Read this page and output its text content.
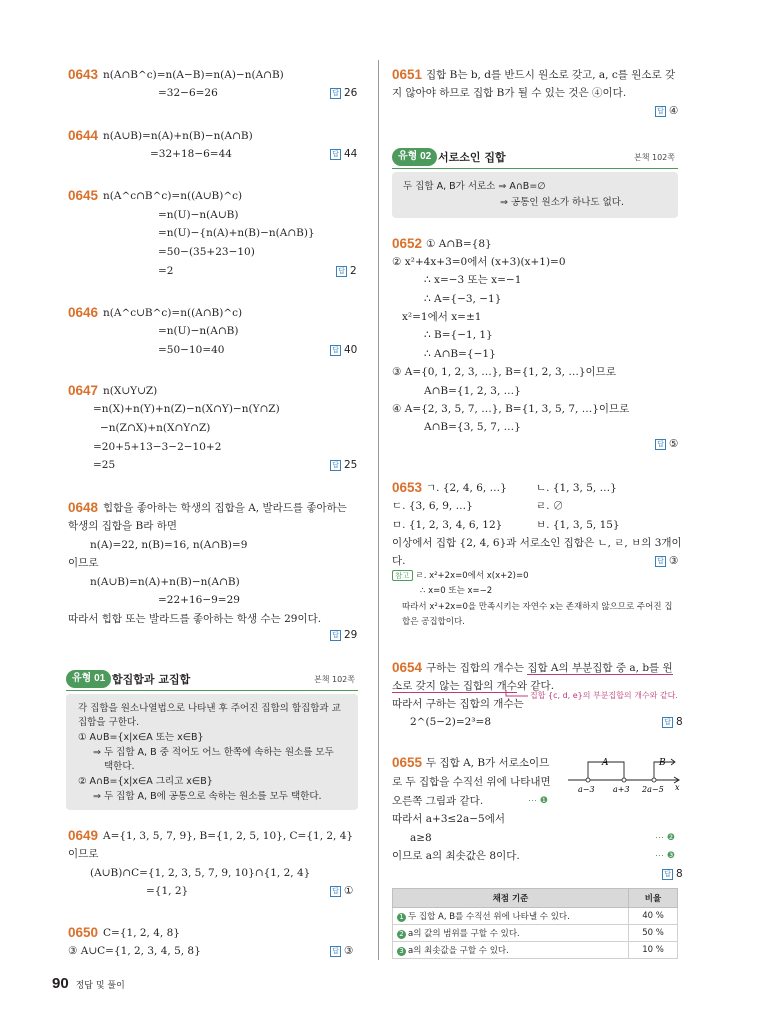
0643 n(A∩B^c)=n(A−B)=n(A)−n(A∩B)
=32−6=26	답 26
0644 n(A∪B)=n(A)+n(B)−n(A∩B)
=32+18−6=44	답 44
0645 n(A^c∩B^c)=n((A∪B)^c)
=n(U)−n(A∪B)
=n(U)−{n(A)+n(B)−n(A∩B)}
=50−(35+23−10)
=2	답 2
0646 n(A^c∪B^c)=n((A∩B)^c)
=n(U)−n(A∩B)
=50−10=40	답 40
0647 n(X∪Y∪Z)
=n(X)+n(Y)+n(Z)−n(X∩Y)−n(Y∩Z)
−n(Z∩X)+n(X∩Y∩Z)
=20+5+13−3−2−10+2
=25	답 25
0648 힙합을 좋아하는 학생의 집합을 A, 발라드를 좋아하는
학생의 집합을 B라 하면
n(A)=22, n(B)=16, n(A∩B)=9
이므로
n(A∪B)=n(A)+n(B)−n(A∩B)
=22+16−9=29
따라서 힙합 또는 발라드를 좋아하는 학생 수는 29이다.
답 29
유형 01 합집합과 교집합	본책 102쪽
각 집합을 원소나열법으로 나타낸 후 주어진 집합의 합집합과 교
집합을 구한다.
① A∪B={x|x∈A 또는 x∈B}
⇒ 두 집합 A, B 중 적어도 어느 한쪽에 속하는 원소를 모두
택한다.
② A∩B={x|x∈A 그리고 x∈B}
⇒ 두 집합 A, B에 공통으로 속하는 원소를 모두 택한다.
0649 A={1, 3, 5, 7, 9}, B={1, 2, 5, 10}, C={1, 2, 4}
이므로
(A∪B)∩C={1, 2, 3, 5, 7, 9, 10}∩{1, 2, 4}
={1, 2}	답 ①
0650 C={1, 2, 4, 8}
③ A∪C={1, 2, 3, 4, 5, 8}	답 ③
0651 집합 B는 b, d를 반드시 원소로 갖고, a, c를 원소로 갖
지 않아야 하므로 집합 B가 될 수 있는 것은 ④이다.
답 ④
유형 02 서로소인 집합	본책 102쪽
두 집합 A, B가 서로소 ⇒ A∩B=∅
⇒ 공통인 원소가 하나도 없다.
0652 ① A∩B={8}
② x²+4x+3=0에서 (x+3)(x+1)=0
∴ x=−3 또는 x=−1
∴ A={−3, −1}
x²=1에서 x=±1
∴ B={−1, 1}
∴ A∩B={−1}
③ A={0, 1, 2, 3, …}, B={1, 2, 3, …}이므로
A∩B={1, 2, 3, …}
④ A={2, 3, 5, 7, …}, B={1, 3, 5, 7, …}이므로
A∩B={3, 5, 7, …}
답 ⑤
0653 ㄱ. {2, 4, 6, …}	ㄴ. {1, 3, 5, …}
ㄷ. {3, 6, 9, …}	ㄹ. ∅
ㅁ. {1, 2, 3, 4, 6, 12}	ㅂ. {1, 3, 5, 15}
이상에서 집합 {2, 4, 6}과 서로소인 집합은 ㄴ, ㄹ, ㅂ의 3개이
다.	답 ③
참고 ㄹ. x²+2x=0에서 x(x+2)=0
∴ x=0 또는 x=−2
따라서 x²+2x=0을 만족시키는 자연수 x는 존재하지 않으므로 주어진 집
합은 공집합이다.
0654 구하는 집합의 개수는 집합 A의 부분집합 중 a, b를 원
소로 갖지 않는 집합의 개수와 같다.
집합 {c, d, e}의 부분집합의 개수와 같다.
따라서 구하는 집합의 개수는
2^(5−2)=2³=8	답 8
0655 두 집합 A, B가 서로소이므
로 두 집합을 수직선 위에 나타내면
오른쪽 그림과 같다.	⋯ ❶
따라서 a+3≤2a−5에서
a≥8	⋯ ❷
이므로 a의 최솟값은 8이다.	⋯ ❸
답 8
A	B
a−3 a+3 2a−5 x
채점 기준	비율
1 두 집합 A, B를 수직선 위에 나타낼 수 있다.	40 %
2 a의 값의 범위를 구할 수 있다.	50 %
3 a의 최솟값을 구할 수 있다.	10 %
90 정답 및 풀이
